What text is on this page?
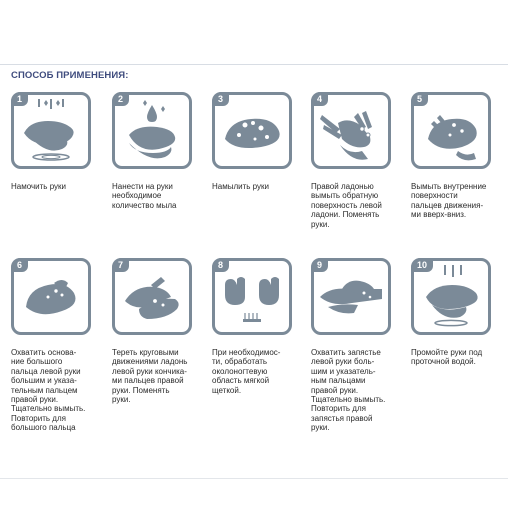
СПОСОБ ПРИМЕНЕНИЯ:
1
Намочить руки
2
Нанести на руки
необходимое
количество мыла
3
Намылить руки
4
Правой ладонью
вымыть обратную
поверхность левой
ладони. Поменять
руки.
5
Вымыть внутренние
поверхности
пальцев движения-
ми вверх-вниз.
6
Охватить основа-
ние большого
пальца левой руки
большим и указа-
тельным пальцем
правой руки.
Тщательно вымыть.
Повторить для
большого пальца
7
Тереть круговыми
движениями ладонь
левой руки кончика-
ми пальцев правой
руки. Поменять
руки.
8
При необходимос-
ти, обработать
околоногтевую
область мягкой
щеткой.
9
Охватить запястье
левой руки боль-
шим и указатель-
ным пальцами
правой руки.
Тщательно вымыть.
Повторить для
запястья правой
руки.
10
Промойте руки под
проточной водой.
